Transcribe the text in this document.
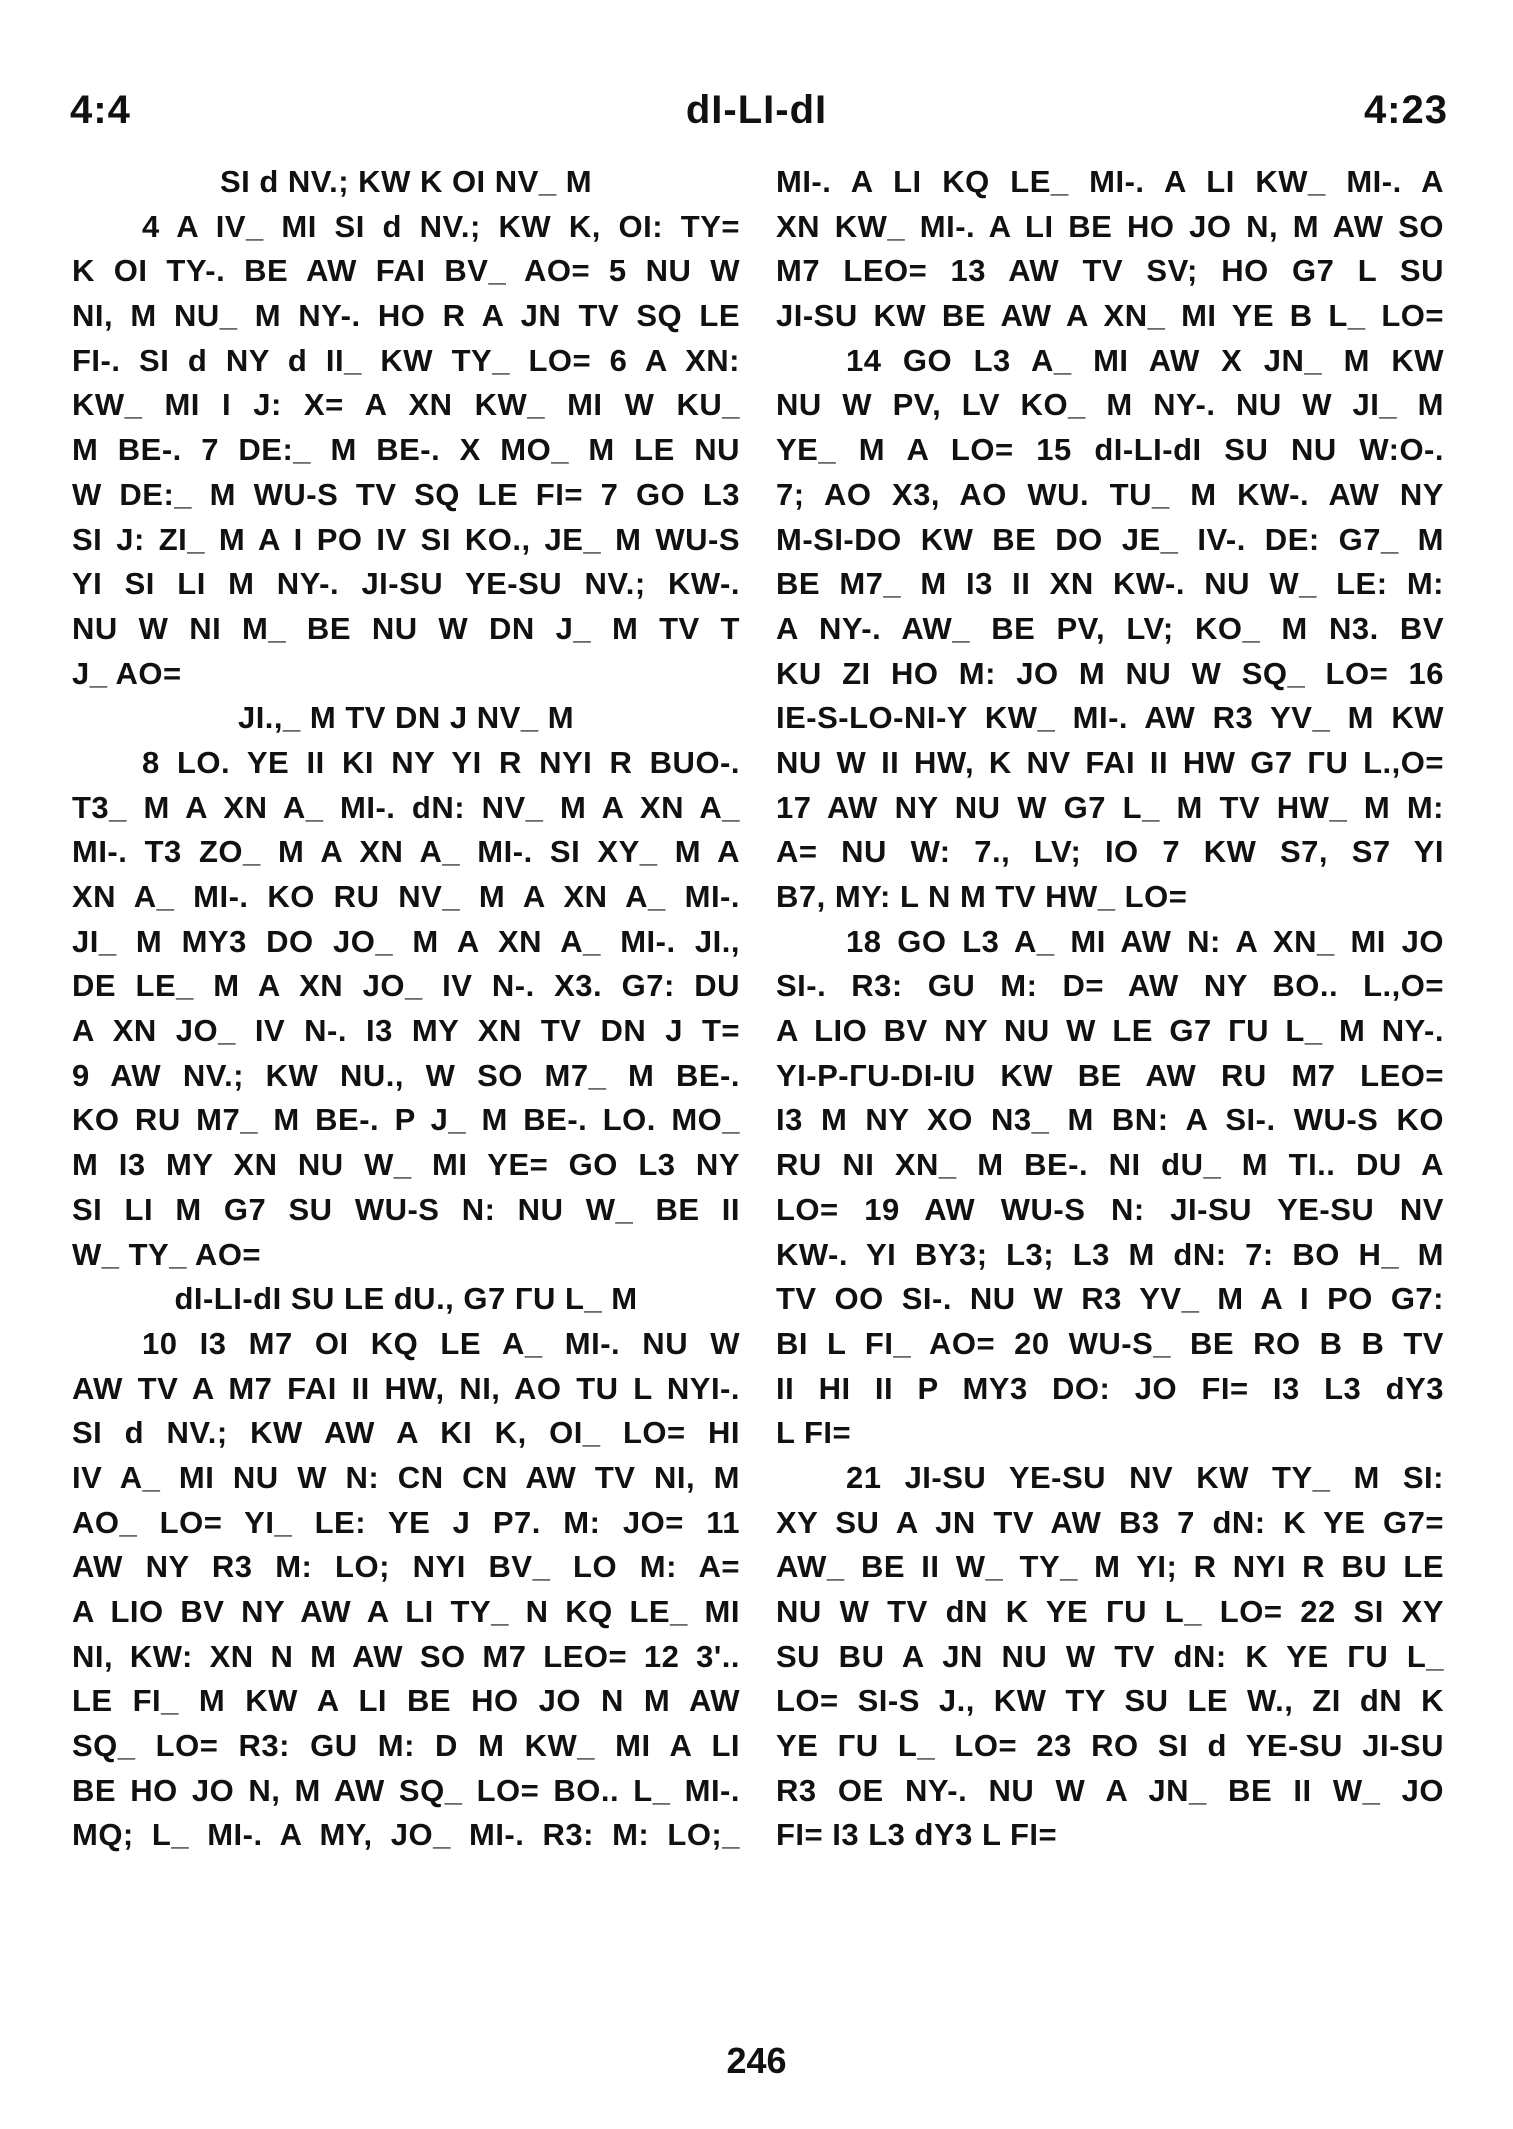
4:4	dI-LI-dI	4:23
SI d NV.; KW K OI NV_ M
4 A IV_ MI SI d NV.; KW K, OI: TY=
K OI TY-. BE AW FAI BV_ AO= 5 NU W
NI, M NU_ M NY-. HO R A JN TV SQ LE
FI-. SI d NY d II_ KW TY_ LO= 6 A XN:
KW_ MI I J: X= A XN KW_ MI W KU_
M BE-. 7 DE:_ M BE-. X MO_ M LE NU
W DE:_ M WU-S TV SQ LE FI= 7 GO L3
SI J: ZI_ M A I PO IV SI KO., JE_ M WU-S
YI SI LI M NY-. JI-SU YE-SU NV.; KW-.
NU W NI M_ BE NU W DN J_ M TV T
J_ AO=
JI.,_ M TV DN J NV_ M
8 LO. YE II KI NY YI R NYI R BUO-.
T3_ M A XN A_ MI-. dN: NV_ M A XN A_
MI-. T3 ZO_ M A XN A_ MI-. SI XY_ M A
XN A_ MI-. KO RU NV_ M A XN A_ MI-.
JI_ M MY3 DO JO_ M A XN A_ MI-. JI.,
DE LE_ M A XN JO_ IV N-. X3. G7: DU
A XN JO_ IV N-. I3 MY XN TV DN J T=
9 AW NV.; KW NU., W SO M7_ M BE-.
KO RU M7_ M BE-. P J_ M BE-. LO. MO_
M I3 MY XN NU W_ MI YE= GO L3 NY
SI LI M G7 SU WU-S N: NU W_ BE II
W_ TY_ AO=
dI-LI-dI SU LE dU., G7 ГU L_ M
10 I3 M7 OI KQ LE A_ MI-. NU W
AW TV A M7 FAI II HW, NI, AO TU L NYI-.
SI d NV.; KW AW A KI K, OI_ LO= HI
IV A_ MI NU W N: CN CN AW TV NI, M
AO_ LO= YI_ LE: YE J P7. M: JO= 11
AW NY R3 M: LO; NYI BV_ LO M: A=
A LIO BV NY AW A LI TY_ N KQ LE_ MI
NI, KW: XN N M AW SO M7 LEO= 12 3'..
LE FI_ M KW A LI BE HO JO N M AW
SQ_ LO= R3: GU M: D M KW_ MI A LI
BE HO JO N, M AW SQ_ LO= BO.. L_ MI-.
MQ; L_ MI-. A MY, JO_ MI-. R3: M: LO;_
MI-. A LI KQ LE_ MI-. A LI KW_ MI-. A
XN KW_ MI-. A LI BE HO JO N, M AW SO
M7 LEO= 13 AW TV SV; HO G7 L SU
JI-SU KW BE AW A XN_ MI YE B L_ LO=
14 GO L3 A_ MI AW X JN_ M KW
NU W PV, LV KO_ M NY-. NU W JI_ M
YE_ M A LO= 15 dI-LI-dI SU NU W:O-.
7; AO X3, AO WU. TU_ M KW-. AW NY
M-SI-DO KW BE DO JE_ IV-. DE: G7_ M
BE M7_ M I3 II XN KW-. NU W_ LE: M:
A NY-. AW_ BE PV, LV; KO_ M N3. BV
KU ZI HO M: JO M NU W SQ_ LO= 16
IE-S-LO-NI-Y KW_ MI-. AW R3 YV_ M KW
NU W II HW, K NV FAI II HW G7 ГU L.,O=
17 AW NY NU W G7 L_ M TV HW_ M M:
A= NU W: 7., LV; IO 7 KW S7, S7 YI
B7, MY: L N M TV HW_ LO=
18 GO L3 A_ MI AW N: A XN_ MI JO
SI-. R3: GU M: D= AW NY BO.. L.,O=
A LIO BV NY NU W LE G7 ГU L_ M NY-.
YI-P-ГU-DI-IU KW BE AW RU M7 LEO=
I3 M NY XO N3_ M BN: A SI-. WU-S KO
RU NI XN_ M BE-. NI dU_ M TI.. DU A
LO= 19 AW WU-S N: JI-SU YE-SU NV
KW-. YI BY3; L3; L3 M dN: 7: BO H_ M
TV OO SI-. NU W R3 YV_ M A I PO G7:
BI L FI_ AO= 20 WU-S_ BE RO B B TV
II HI II P MY3 DO: JO FI= I3 L3 dY3
L FI=
21 JI-SU YE-SU NV KW TY_ M SI:
XY SU A JN TV AW B3 7 dN: K YE G7=
AW_ BE II W_ TY_ M YI; R NYI R BU LE
NU W TV dN K YE ГU L_ LO= 22 SI XY
SU BU A JN NU W TV dN: K YE ГU L_
LO= SI-S J., KW TY SU LE W., ZI dN K
YE ГU L_ LO= 23 RO SI d YE-SU JI-SU
R3 OE NY-. NU W A JN_ BE II W_ JO
FI= I3 L3 dY3 L FI=
246
